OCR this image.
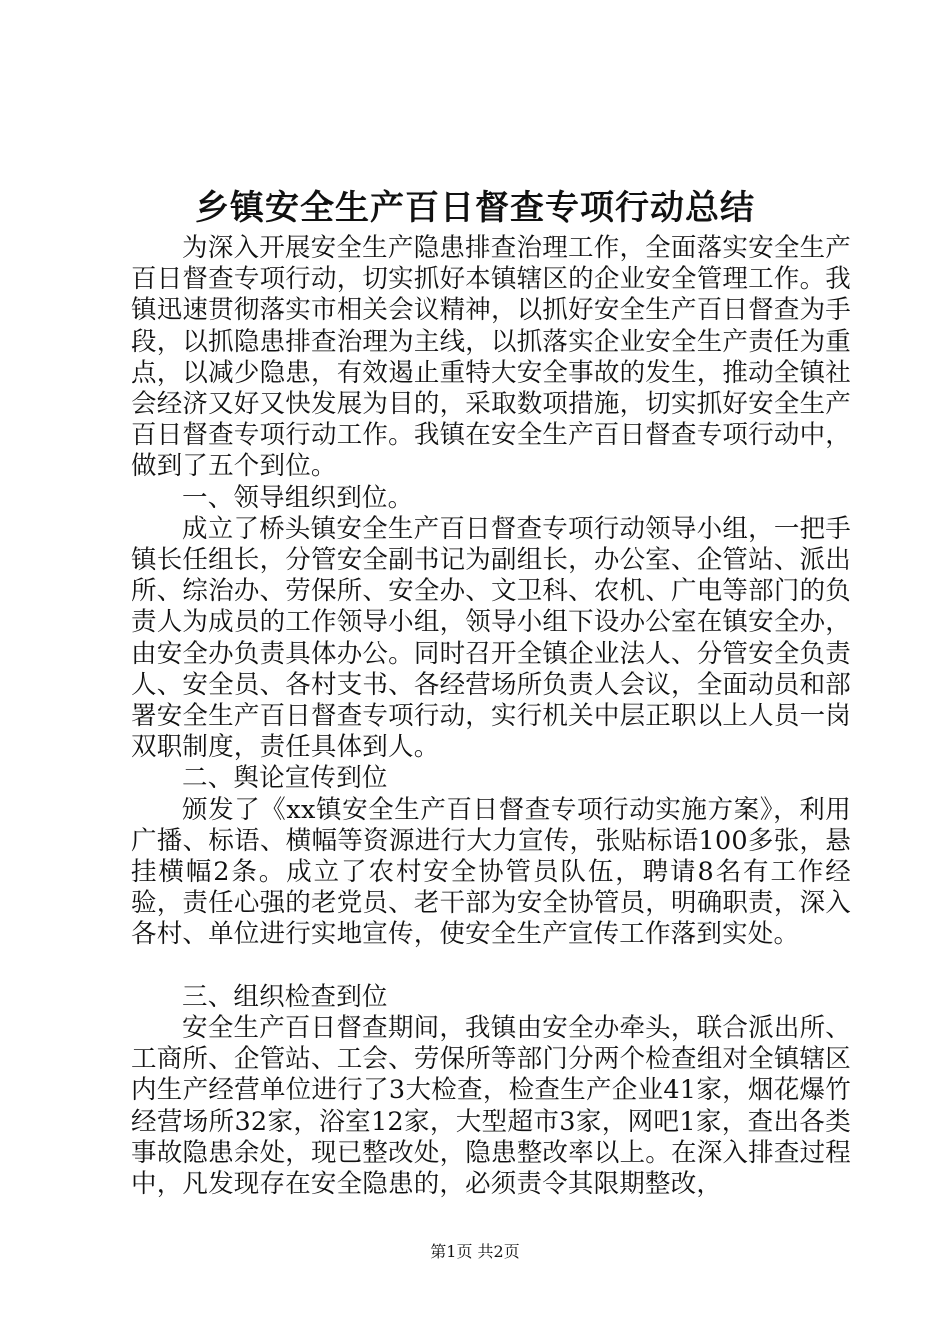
乡镇安全生产百日督查专项行动总结

为深入开展安全生产隐患排查治理工作，全面落实安全生产百日督查专项行动，切实抓好本镇辖区的企业安全管理工作。我镇迅速贯彻落实市相关会议精神，以抓好安全生产百日督查为手段，以抓隐患排查治理为主线，以抓落实企业安全生产责任为重点，以减少隐患，有效遏止重特大安全事故的发生，推动全镇社会经济又好又快发展为目的，采取数项措施，切实抓好安全生产百日督查专项行动工作。我镇在安全生产百日督查专项行动中，做到了五个到位。

一、领导组织到位。

成立了桥头镇安全生产百日督查专项行动领导小组，一把手镇长任组长，分管安全副书记为副组长，办公室、企管站、派出所、综治办、劳保所、安全办、文卫科、农机、广电等部门的负责人为成员的工作领导小组，领导小组下设办公室在镇安全办，由安全办负责具体办公。同时召开全镇企业法人、分管安全负责人、安全员、各村支书、各经营场所负责人会议，全面动员和部署安全生产百日督查专项行动，实行机关中层正职以上人员一岗双职制度，责任具体到人。

二、舆论宣传到位

颁发了《xx镇安全生产百日督查专项行动实施方案》，利用广播、标语、横幅等资源进行大力宣传，张贴标语100多张，悬挂横幅2条。成立了农村安全协管员队伍，聘请8名有工作经验，责任心强的老党员、老干部为安全协管员，明确职责，深入各村、单位进行实地宣传，使安全生产宣传工作落到实处。

三、组织检查到位

安全生产百日督查期间，我镇由安全办牵头，联合派出所、工商所、企管站、工会、劳保所等部门分两个检查组对全镇辖区内生产经营单位进行了3大检查，检查生产企业41家，烟花爆竹经营场所32家，浴室12家，大型超市3家，网吧1家，查出各类事故隐患余处，现已整改处，隐患整改率以上。在深入排查过程中，凡发现存在安全隐患的，必须责令其限期整改，

第1页 共2页
